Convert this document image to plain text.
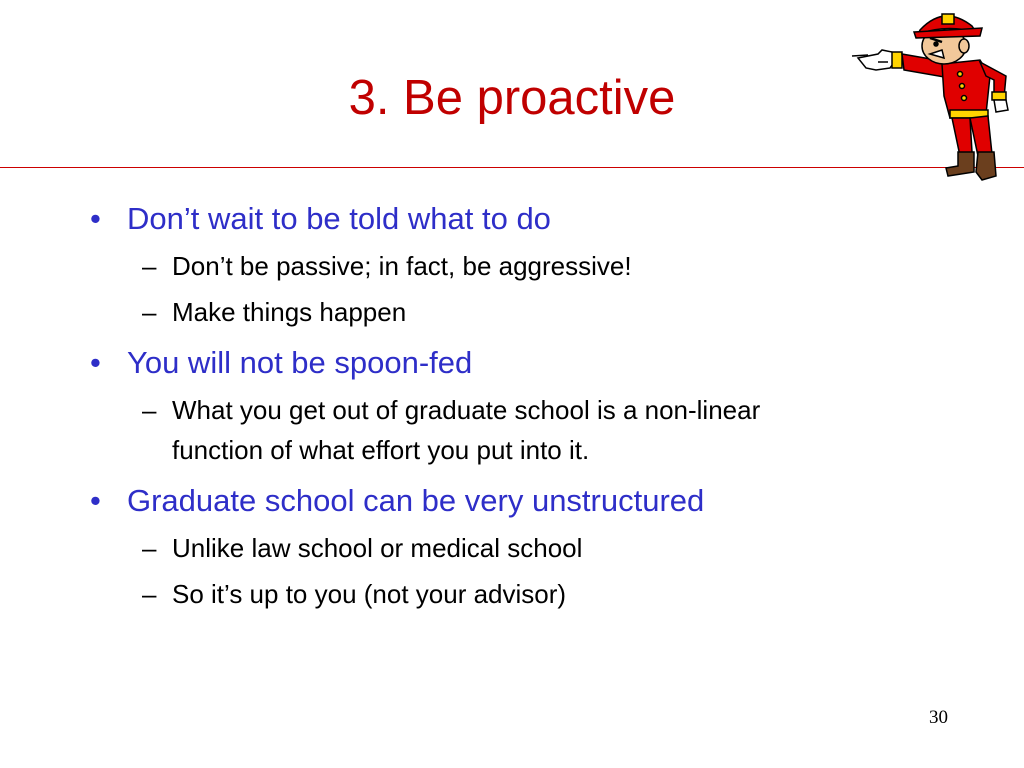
3. Be proactive
• Don’t wait to be told what to do
– Don’t be passive; in fact, be aggressive!
– Make things happen
• You will not be spoon-fed
– What you get out of graduate school is a non-linear function of what effort you put into it.
• Graduate school can be very unstructured
– Unlike law school or medical school
– So it’s up to you (not your advisor)
30
